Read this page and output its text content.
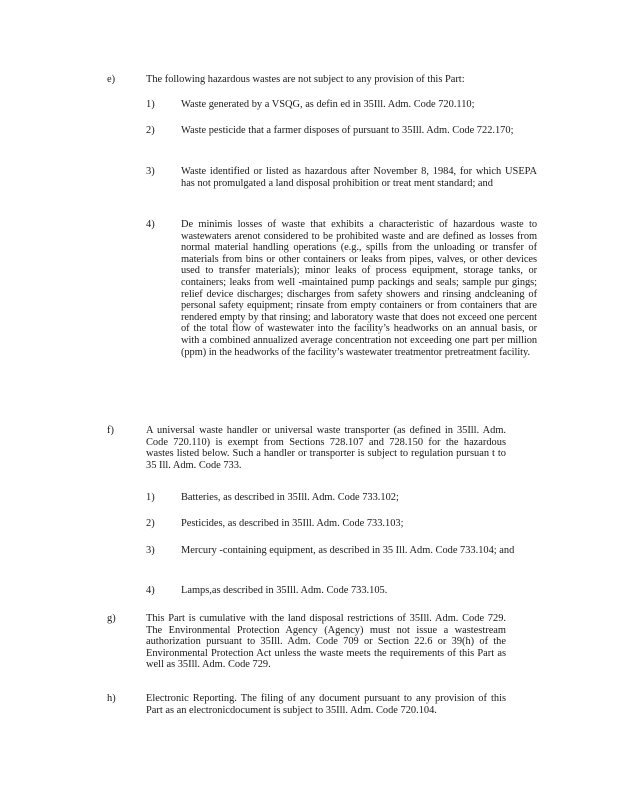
e)	The following hazardous wastes are not subject to any provision of this Part:
1)	Waste generated by a VSQG, as defin ed in 35Ill. Adm. Code 720.110;
2)	Waste pesticide that a farmer disposes of pursuant to 35Ill. Adm. Code 722.170;
3)	Waste identified or listed as hazardous after November 8, 1984, for which USEPA has not promulgated a land disposal prohibition or treat ment standard; and
4)	De minimis losses of waste that exhibits a characteristic of hazardous waste to wastewaters arenot considered to be prohibited waste and are defined as losses from normal material handling operations (e.g., spills from the unloading or transfer of materials from bins or other containers or leaks from pipes, valves, or other devices used to transfer materials); minor leaks of process equipment, storage tanks, or containers; leaks from well -maintained pump packings and seals; sample pur gings; relief device discharges; discharges from safety showers and rinsing andcleaning of personal safety equipment; rinsate from empty containers or from containers that are rendered empty by that rinsing; and laboratory waste that does not exceed one percent of the total flow of wastewater into the facility’s headworks on an annual basis, or with a combined annualized average concentration not exceeding one part per million (ppm) in the headworks of the facility’s wastewater treatmentor pretreatment facility.
f)	A universal waste handler or universal waste transporter (as defined in 35Ill. Adm. Code 720.110) is exempt from Sections 728.107 and 728.150 for the hazardous wastes listed below. Such a handler or transporter is subject to regulation pursuan t to 35 Ill. Adm. Code 733.
1)	Batteries, as described in 35Ill. Adm. Code 733.102;
2)	Pesticides, as described in 35Ill. Adm. Code 733.103;
3)	Mercury -containing equipment, as described in 35 Ill. Adm. Code 733.104; and
4)	Lamps,as described in 35Ill. Adm. Code 733.105.
g)	This Part is cumulative with the land disposal restrictions of 35Ill. Adm. Code 729. The Environmental Protection Agency (Agency) must not issue a wastestream authorization pursuant to 35Ill. Adm. Code 709 or Section 22.6 or 39(h) of the Environmental Protection Act unless the waste meets the requirements of this Part as well as 35Ill. Adm. Code 729.
h)	Electronic Reporting. The filing of any document pursuant to any provision of this Part as an electronicdocument is subject to 35Ill. Adm. Code 720.104.
